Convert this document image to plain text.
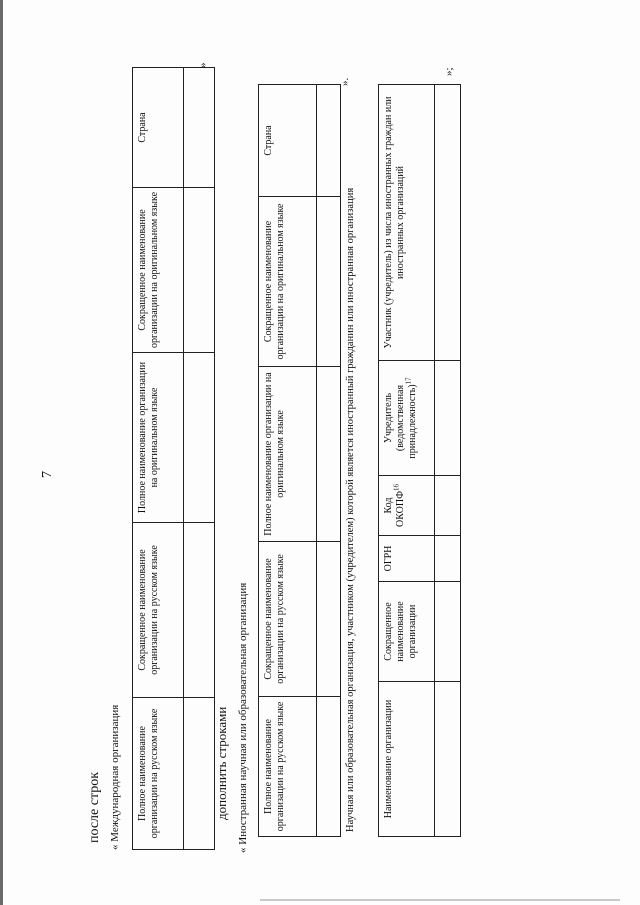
7
после строк « Международная организация Полное наименование организации на русском языке	Сокращенное наименование организации на русском языке	Полное наименование организации на оригинальном языке	Сокращенное наименование организации на оригинальном языке	Страна

»
дополнить строками « Иностранная научная или образовательная организация Полное наименование организации на русском языке	Сокращенное наименование организации на русском языке	Полное наименование организации на оригинальном языке	Сокращенное наименование организации на оригинальном языке	Страна

Научная или образовательная организация, участником (учредителем) которой является иностранный гражданин или иностранная организация
».
Наименование организации	Сокращенное наименование организации	ОГРН	Код ОКОПФ$^{16}$	Учредитель (ведомственная принадлежность)$^{17}$	Участник (учредитель) из числа иностранных граждан или иностранных организаций

»;
